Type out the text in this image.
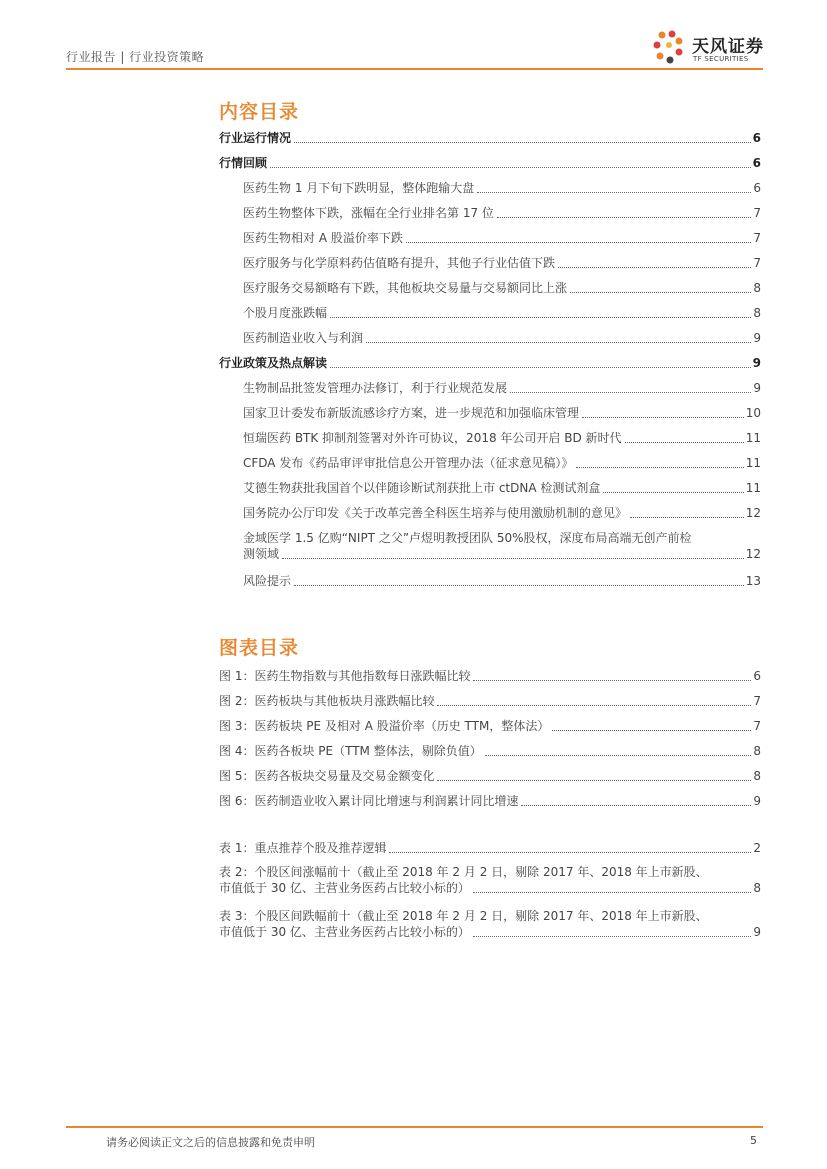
行业报告 | 行业投资策略	天风证券
TF SECURITIES
内容目录
行业运行情况	6
行情回顾	6
医药生物 1 月下旬下跌明显，整体跑输大盘	6
医药生物整体下跌，涨幅在全行业排名第 17 位	7
医药生物相对 A 股溢价率下跌	7
医疗服务与化学原料药估值略有提升，其他子行业估值下跌	7
医疗服务交易额略有下跌，其他板块交易量与交易额同比上涨	8
个股月度涨跌幅	8
医药制造业收入与利润	9
行业政策及热点解读	9
生物制品批签发管理办法修订，利于行业规范发展	9
国家卫计委发布新版流感诊疗方案，进一步规范和加强临床管理	10
恒瑞医药 BTK 抑制剂签署对外许可协议，2018 年公司开启 BD 新时代	11
CFDA 发布《药品审评审批信息公开管理办法（征求意见稿）》	11
艾德生物获批我国首个以伴随诊断试剂获批上市 ctDNA 检测试剂盒	11
国务院办公厅印发《关于改革完善全科医生培养与使用激励机制的意见》	12
金域医学 1.5 亿购“NIPT 之父”卢煜明教授团队 50%股权，深度布局高端无创产前检
测领域	12
风险提示	13
图表目录
图 1：医药生物指数与其他指数每日涨跌幅比较	6
图 2：医药板块与其他板块月涨跌幅比较	7
图 3：医药板块 PE 及相对 A 股溢价率（历史 TTM，整体法）	7
图 4：医药各板块 PE（TTM 整体法，剔除负值）	8
图 5：医药各板块交易量及交易金额变化	8
图 6：医药制造业收入累计同比增速与利润累计同比增速	9
表 1：重点推荐个股及推荐逻辑	2
表 2：个股区间涨幅前十（截止至 2018 年 2 月 2 日，剔除 2017 年、2018 年上市新股、
市值低于 30 亿、主营业务医药占比较小标的）	8
表 3：个股区间跌幅前十（截止至 2018 年 2 月 2 日，剔除 2017 年、2018 年上市新股、
市值低于 30 亿、主营业务医药占比较小标的）	9
请务必阅读正文之后的信息披露和免责申明	5
